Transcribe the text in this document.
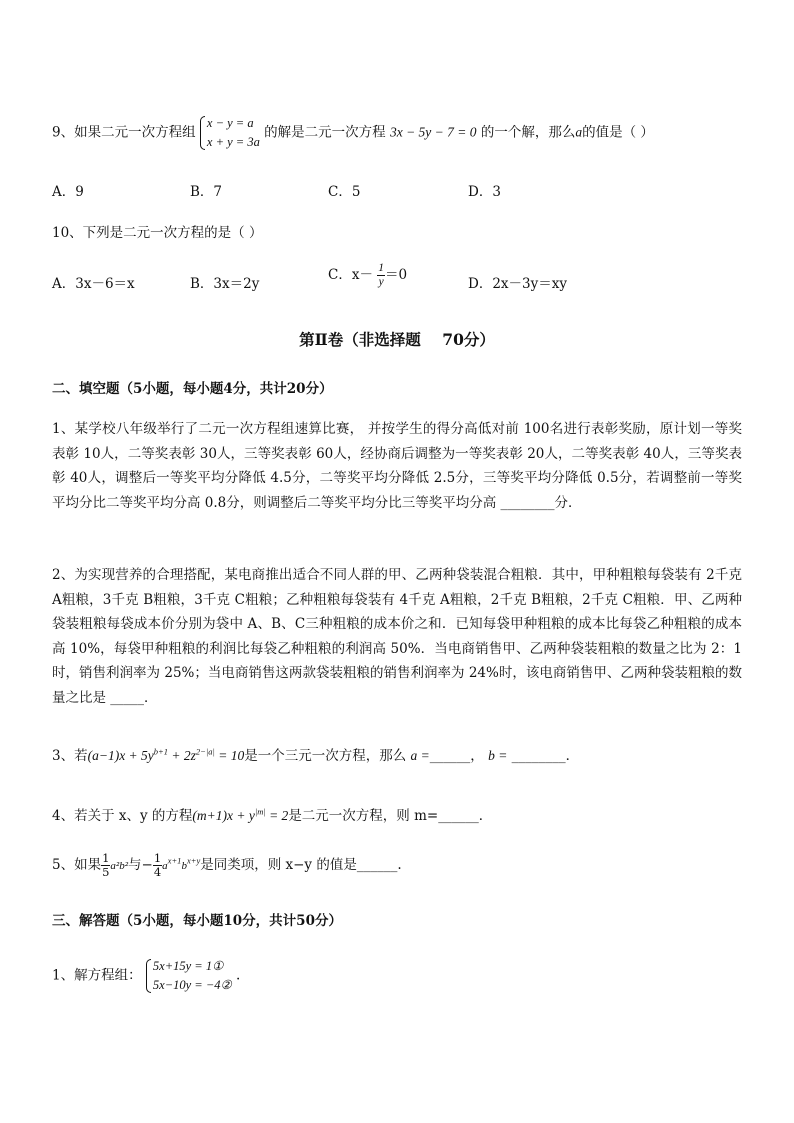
9、如果二元一次方程组
x − y = a
x + y = 3a
的解是二元一次方程 3x − 5y − 7 = 0 的一个解，那么a的值是（ ）
A．9	B．7	C．5	D．3
10、下列是二元一次方程的是（ ）
A．3x－6＝x	B．3x＝2y
C．$x- \frac{1}{y} =0$
D．2x－3y＝xy
第Ⅱ卷（非选择题    70分）
二、填空题（5小题，每小题4分，共计20分）
1、某学校八年级举行了二元一次方程组速算比赛， 并按学生的得分高低对前 100名进行表彰奖励，原计划一等奖表彰 10人，二等奖表彰 30人，三等奖表彰 60人，经协商后调整为一等奖表彰 20人，二等奖表彰 40人，三等奖表彰 40人，调整后一等奖平均分降低 4.5分，二等奖平均分降低 2.5分，三等奖平均分降低 0.5分，若调整前一等奖平均分比二等奖平均分高 0.8分，则调整后二等奖平均分比三等奖平均分高 ________分．
2、为实现营养的合理搭配，某电商推出适合不同人群的甲、乙两种袋装混合粗粮．其中，甲种粗粮每袋装有 2千克 A粗粮，3千克 B粗粮，3千克 C粗粮；乙种粗粮每袋装有 4千克 A粗粮，2千克 B粗粮，2千克 C粗粮．甲、乙两种袋装粗粮每袋成本价分别为袋中 A、B、C三种粗粮的成本价之和．已知每袋甲种粗粮的成本比每袋乙种粗粮的成本高 10%，每袋甲种粗粮的利润比每袋乙种粗粮的利润高 50%．当电商销售甲、乙两种袋装粗粮的数量之比为 2：1时，销售利润率为 25%；当电商销售这两款袋装粗粮的销售利润率为 24%时，该电商销售甲、乙两种袋装粗粮的数量之比是 _____．
3、若$(a-1)x + 5y^{b+1} + 2z^{2-|a|} = 10$是一个三元一次方程，那么 a =______， b = ________．
4、若关于 x、y 的方程$(m+1)x + y^{|m|} = 2$是二元一次方程，则 m=______．
5、如果 $\frac{1}{5} a^2b^2$与− $\frac{1}{4} a^{x+1}b^{x+y}$是同类项，则 x−y 的值是______.
三、解答题（5小题，每小题10分，共计50分）
1、解方程组：
5x+15y = 1①
5x−10y = −4②
.
